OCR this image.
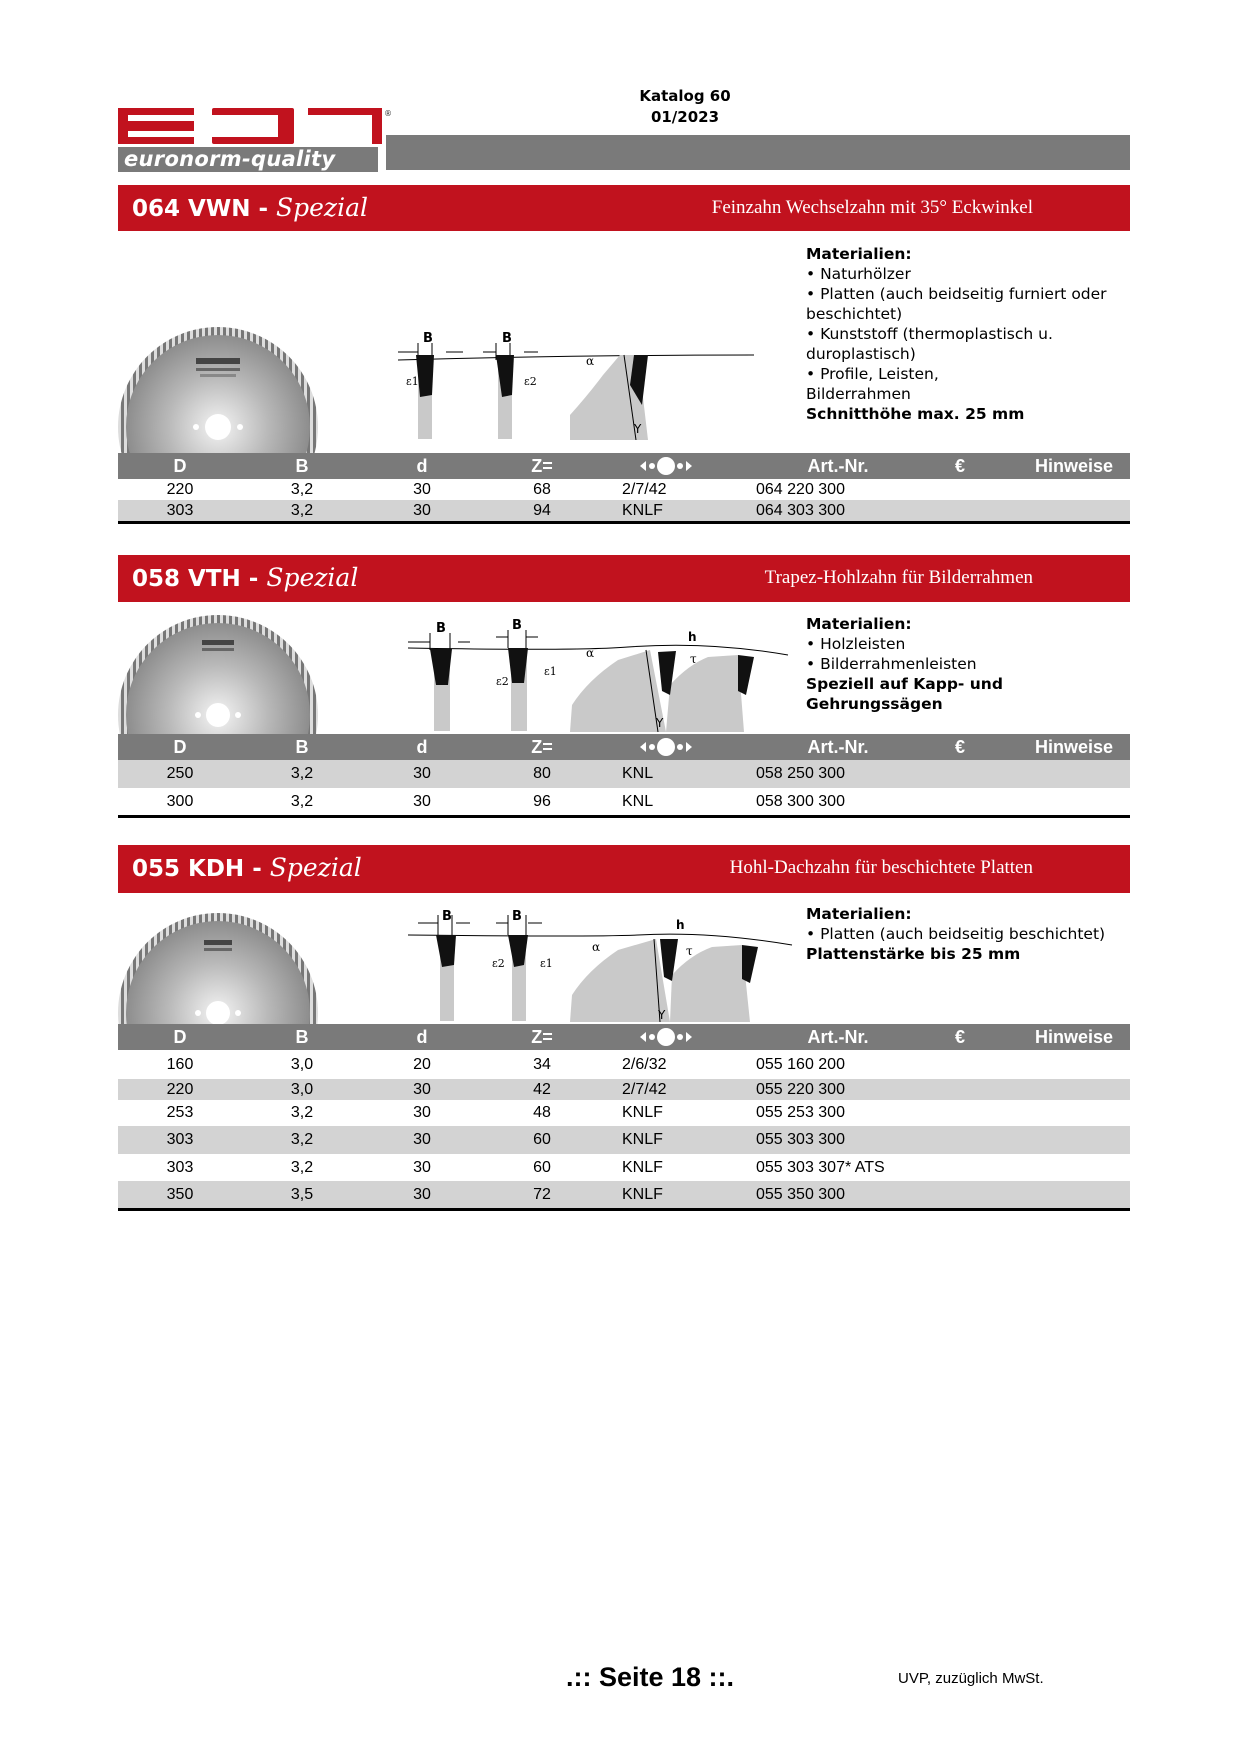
Katalog 60
01/2023
®
euronorm-quality
064 VWN - Spezial	Feinzahn Wechselzahn mit 35° Eckwinkel
B	B
ε1	ε2
α
Y
Materialien:
• Naturhölzer
• Platten (auch beidseitig furniert oder
beschichtet)
• Kunststoff (thermoplastisch u.
duroplastisch)
• Profile, Leisten,
Bilderrahmen
Schnitthöhe max. 25 mm
D	B	d	Z=	Art.-Nr.	€	Hinweise
220	3,2	30	68	2/7/42	064 220 300
303	3,2	30	94	KNLF	064 303 300
058 VTH - Spezial	Trapez-Hohlzahn für Bilderrahmen
B	B
ε2
ε1
α
h
τ
Y
Materialien:
• Holzleisten
• Bilderrahmenleisten
Speziell auf Kapp- und
Gehrungssägen
D	B	d	Z=	Art.-Nr.	€	Hinweise
250	3,2	30	80	KNL	058 250 300
300	3,2	30	96	KNL	058 300 300
055 KDH - Spezial	Hohl-Dachzahn für beschichtete Platten
B	B
ε2	ε1
α
h
τ
Y
Materialien:
• Platten (auch beidseitig beschichtet)
Plattenstärke bis 25 mm
D	B	d	Z=	Art.-Nr.	€	Hinweise
160	3,0	20	34	2/6/32	055 160 200
220	3,0	30	42	2/7/42	055 220 300
253	3,2	30	48	KNLF	055 253 300
303	3,2	30	60	KNLF	055 303 300
303	3,2	30	60	KNLF	055 303 307* ATS
350	3,5	30	72	KNLF	055 350 300
.:: Seite 18 ::.	UVP, zuzüglich MwSt.
